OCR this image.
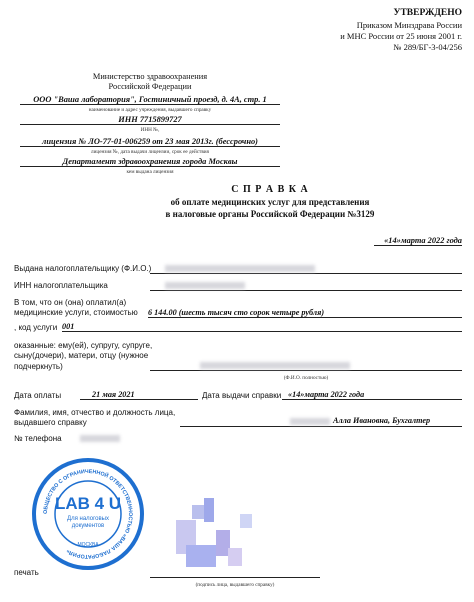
УТВЕРЖДЕНО
Приказом Минздрава России
и МНС России от 25 июня 2001 г.
№ 289/БГ-3-04/256
Министерство здравоохранения
Российской Федерации
ООО "Ваша лаборатория", Гостиничный проезд, д. 4А, стр. 1
наименование и адрес учреждения, выдавшего справку
ИНН 7715899727
ИНН №,
лицензия № ЛО-77-01-006259 от 23 мая 2013г. (бессрочно)
лицензия №, дата выдачи лицензии, срок ее действия
Департамент здравоохранения города Москвы
кем выдана лицензия
С П Р А В К А
об оплате медицинских услуг для представления
в налоговые органы Российской Федерации №3129
«14»марта 2022 года
Выдана налогоплательщику (Ф.И.О.)
ИНН налогоплательщика
В том, что он (она) оплатил(а)
медицинские услуги, стоимостью 6 144.00 (шесть тысяч сто сорок четыре рубля)
, код услуги 001
оказанные: ему(ей), супругу, супруге,
сыну(дочери), матери, отцу (нужное
подчеркнуть)
(Ф.И.О. полностью)
Дата оплаты	21 мая 2021	Дата выдачи справки «14»марта 2022 года
Фамилия, имя, отчество и должность лица,
выдавшего справку	Алла Ивановна, Бухгалтер
№ телефона
ОБЩЕСТВО С ОГРАНИЧЕННОЙ ОТВЕТСТВЕННОСТЬЮ «ВАША ЛАБОРАТОРИЯ»
LAB 4 U
Для налоговых
документов
МОСКВА
(подпись лица, выдавшего справку)
печать
